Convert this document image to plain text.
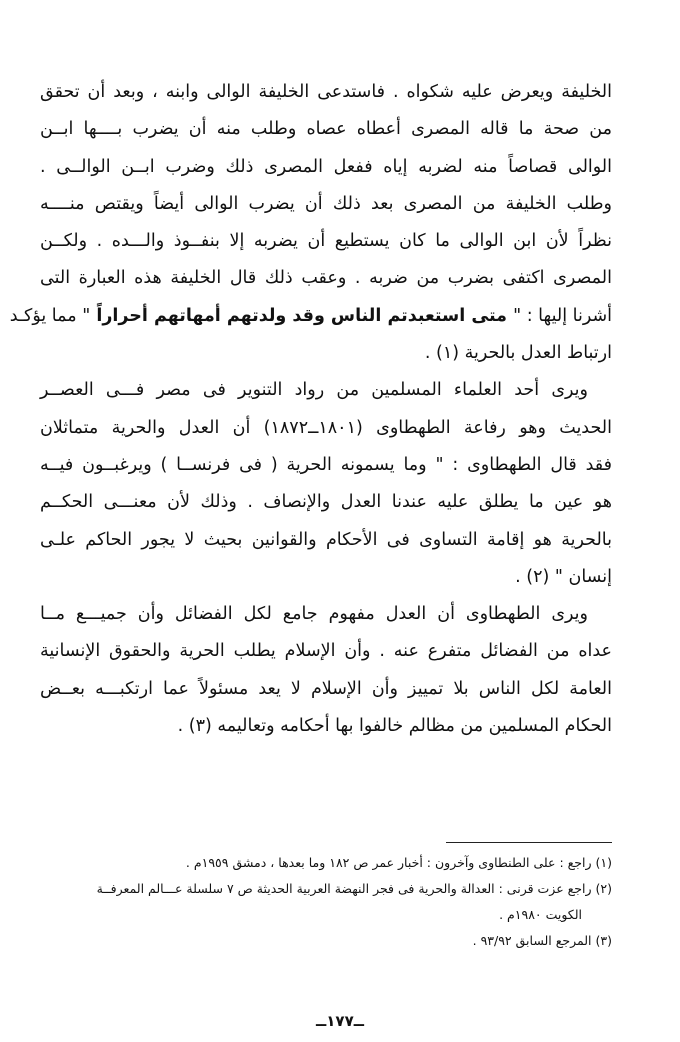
الخليفة ويعرض عليه شكواه . فاستدعى الخليفة الوالى وابنه ، وبعد أن تحقق
من صحة ما قاله المصرى أعطاه عصاه وطلب منه أن يضرب بــــها ابــن
الوالى قصاصاً منه لضربه إياه ففعل المصرى ذلك وضرب ابــن الوالــى .
وطلب الخليفة من المصرى بعد ذلك أن يضرب الوالى أيضاً ويقتص منــــه
نظراً لأن ابن الوالى ما كان يستطيع أن يضربه إلا بنفــوذ والـــده . ولكــن
المصرى اكتفى بضرب من ضربه . وعقب ذلك قال الخليفة هذه العبارة التى
أشرنا إليها : " متى استعبدتم الناس وقد ولدتهم أمهاتهم أحراراً " مما يؤكـد
ارتباط العدل بالحرية (١) .
ويرى أحد العلماء المسلمين من رواد التنوير فى مصر فـــى العصــر
الحديث وهو رفاعة الطهطاوى (١٨٠١ــ١٨٧٢) أن العدل والحرية متماثلان
فقد قال الطهطاوى : " وما يسمونه الحرية ( فى فرنســا ) ويرغبــون فيــه
هو عين ما يطلق عليه عندنا العدل والإنصاف . وذلك لأن معنـــى الحكــم
بالحرية هو إقامة التساوى فى الأحكام والقوانين بحيث لا يجور الحاكم علـى
إنسان " (٢) .
ويرى الطهطاوى أن العدل مفهوم جامع لكل الفضائل وأن جميـــع مــا
عداه من الفضائل متفرع عنه . وأن الإسلام يطلب الحرية والحقوق الإنسانية
العامة لكل الناس بلا تمييز وأن الإسلام لا يعد مسئولاً عما ارتكبـــه بعــض
الحكام المسلمين من مظالم خالفوا بها أحكامه وتعاليمه (٣) .
(١) راجع : على الطنطاوى وآخرون : أخبار عمر ص ١٨٢ وما بعدها ، دمشق ١٩٥٩م .
(٢) راجع عزت قرنى : العدالة والحرية فى فجر النهضة العربية الحديثة ص ٧ سلسلة عـــالم المعرفــة
الكويت ١٩٨٠م .
(٣) المرجع السابق ٩٣/٩٢ .
ــ١٧٧ــ
